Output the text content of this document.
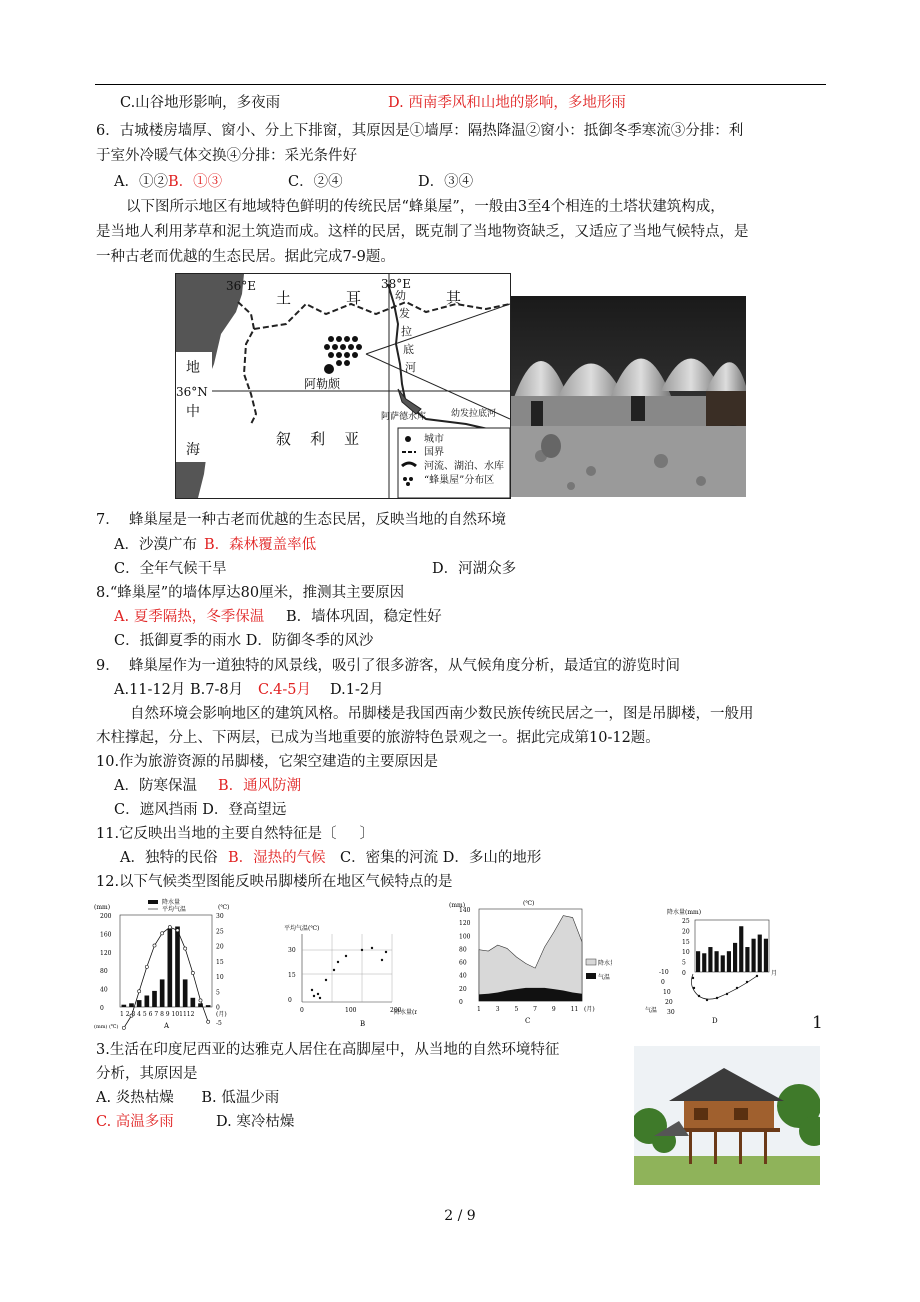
C.山谷地形影响，多夜雨	D. 西南季风和山地的影响，多地形雨
6．古城楼房墙厚、窗小、分上下排窗，其原因是①墙厚：隔热降温②窗小：抵御冬季寒流③分排：利
于室外冷暖气体交换④分排：采光条件好
A．①② B．①③	C．②④	D．③④
以下图所示地区有地域特色鲜明的传统民居“蜂巢屋”，一般由3至4个相连的土塔状建筑构成，
是当地人利用茅草和泥土筑造而成。这样的民居，既克制了当地物资缺乏，又适应了当地气候特点，是
一种古老而优越的生态民居。据此完成7-9题。
36°E	38°E
36°N
土	耳	其
地
中
海
幼
发
拉
底
河
阿勒颇
阿萨德水库	幼发拉底河
叙    利    亚	城市
国界
河流、湖泊、水库
“蜂巢屋”分布区
7．  蜂巢屋是一种古老而优越的生态民居，反映当地的自然环境
A．沙漠广布 B．森林覆盖率低
C．全年气候干旱	D．河湖众多
8.“蜂巢屋”的墙体厚达80厘米，推测其主要原因
A. 夏季隔热，冬季保温 B．墙体巩固，稳定性好
C．抵御夏季的雨水 D．防御冬季的风沙
9．  蜂巢屋作为一道独特的风景线，吸引了很多游客，从气候角度分析，最适宜的游览时间
A.11-12月 B.7-8月 C.4-5月 D.1-2月
自然环境会影响地区的建筑风格。吊脚楼是我国西南少数民族传统民居之一，图是吊脚楼，一般用
木柱撑起，分上、下两层，已成为当地重要的旅游特色景观之一。据此完成第10-12题。
10.作为旅游资源的吊脚楼，它架空建造的主要原因是
A．防寒保温 B．通风防潮
C．遮风挡雨 D．登高望远
11.它反映出当地的主要自然特征是〔     〕
A．独特的民俗 B．湿热的气候 C．密集的河流 D．多山的地形
12.以下气候类型图能反映吊脚楼所在地区气候特点的是
(mm)	(℃)
降水量
平均气温
200
160
120
80
40
0
30
25
20
15
10
5
0
-5
1 2 3 4 5 6 7 8 9 101112	(月)
A
(mm) (℃)
平均气温(℃)
30
15
0
0	100	200
降水量(
B
(mm)	(℃)
140
120
100
80
60
40
20
0
1 3 5 7 9 11 (月)
降水
气温
C
降水量(mm)
25
20
15
10
5
0	月
-10
0
10
20
30
气温
D	1
3.生活在印度尼西亚的达雅克人居住在高脚屋中，从当地的自然环境特征
分析，其原因是
A. 炎热枯燥      B. 低温少雨
C. 高温多雨	D. 寒冷枯燥
2 / 9
